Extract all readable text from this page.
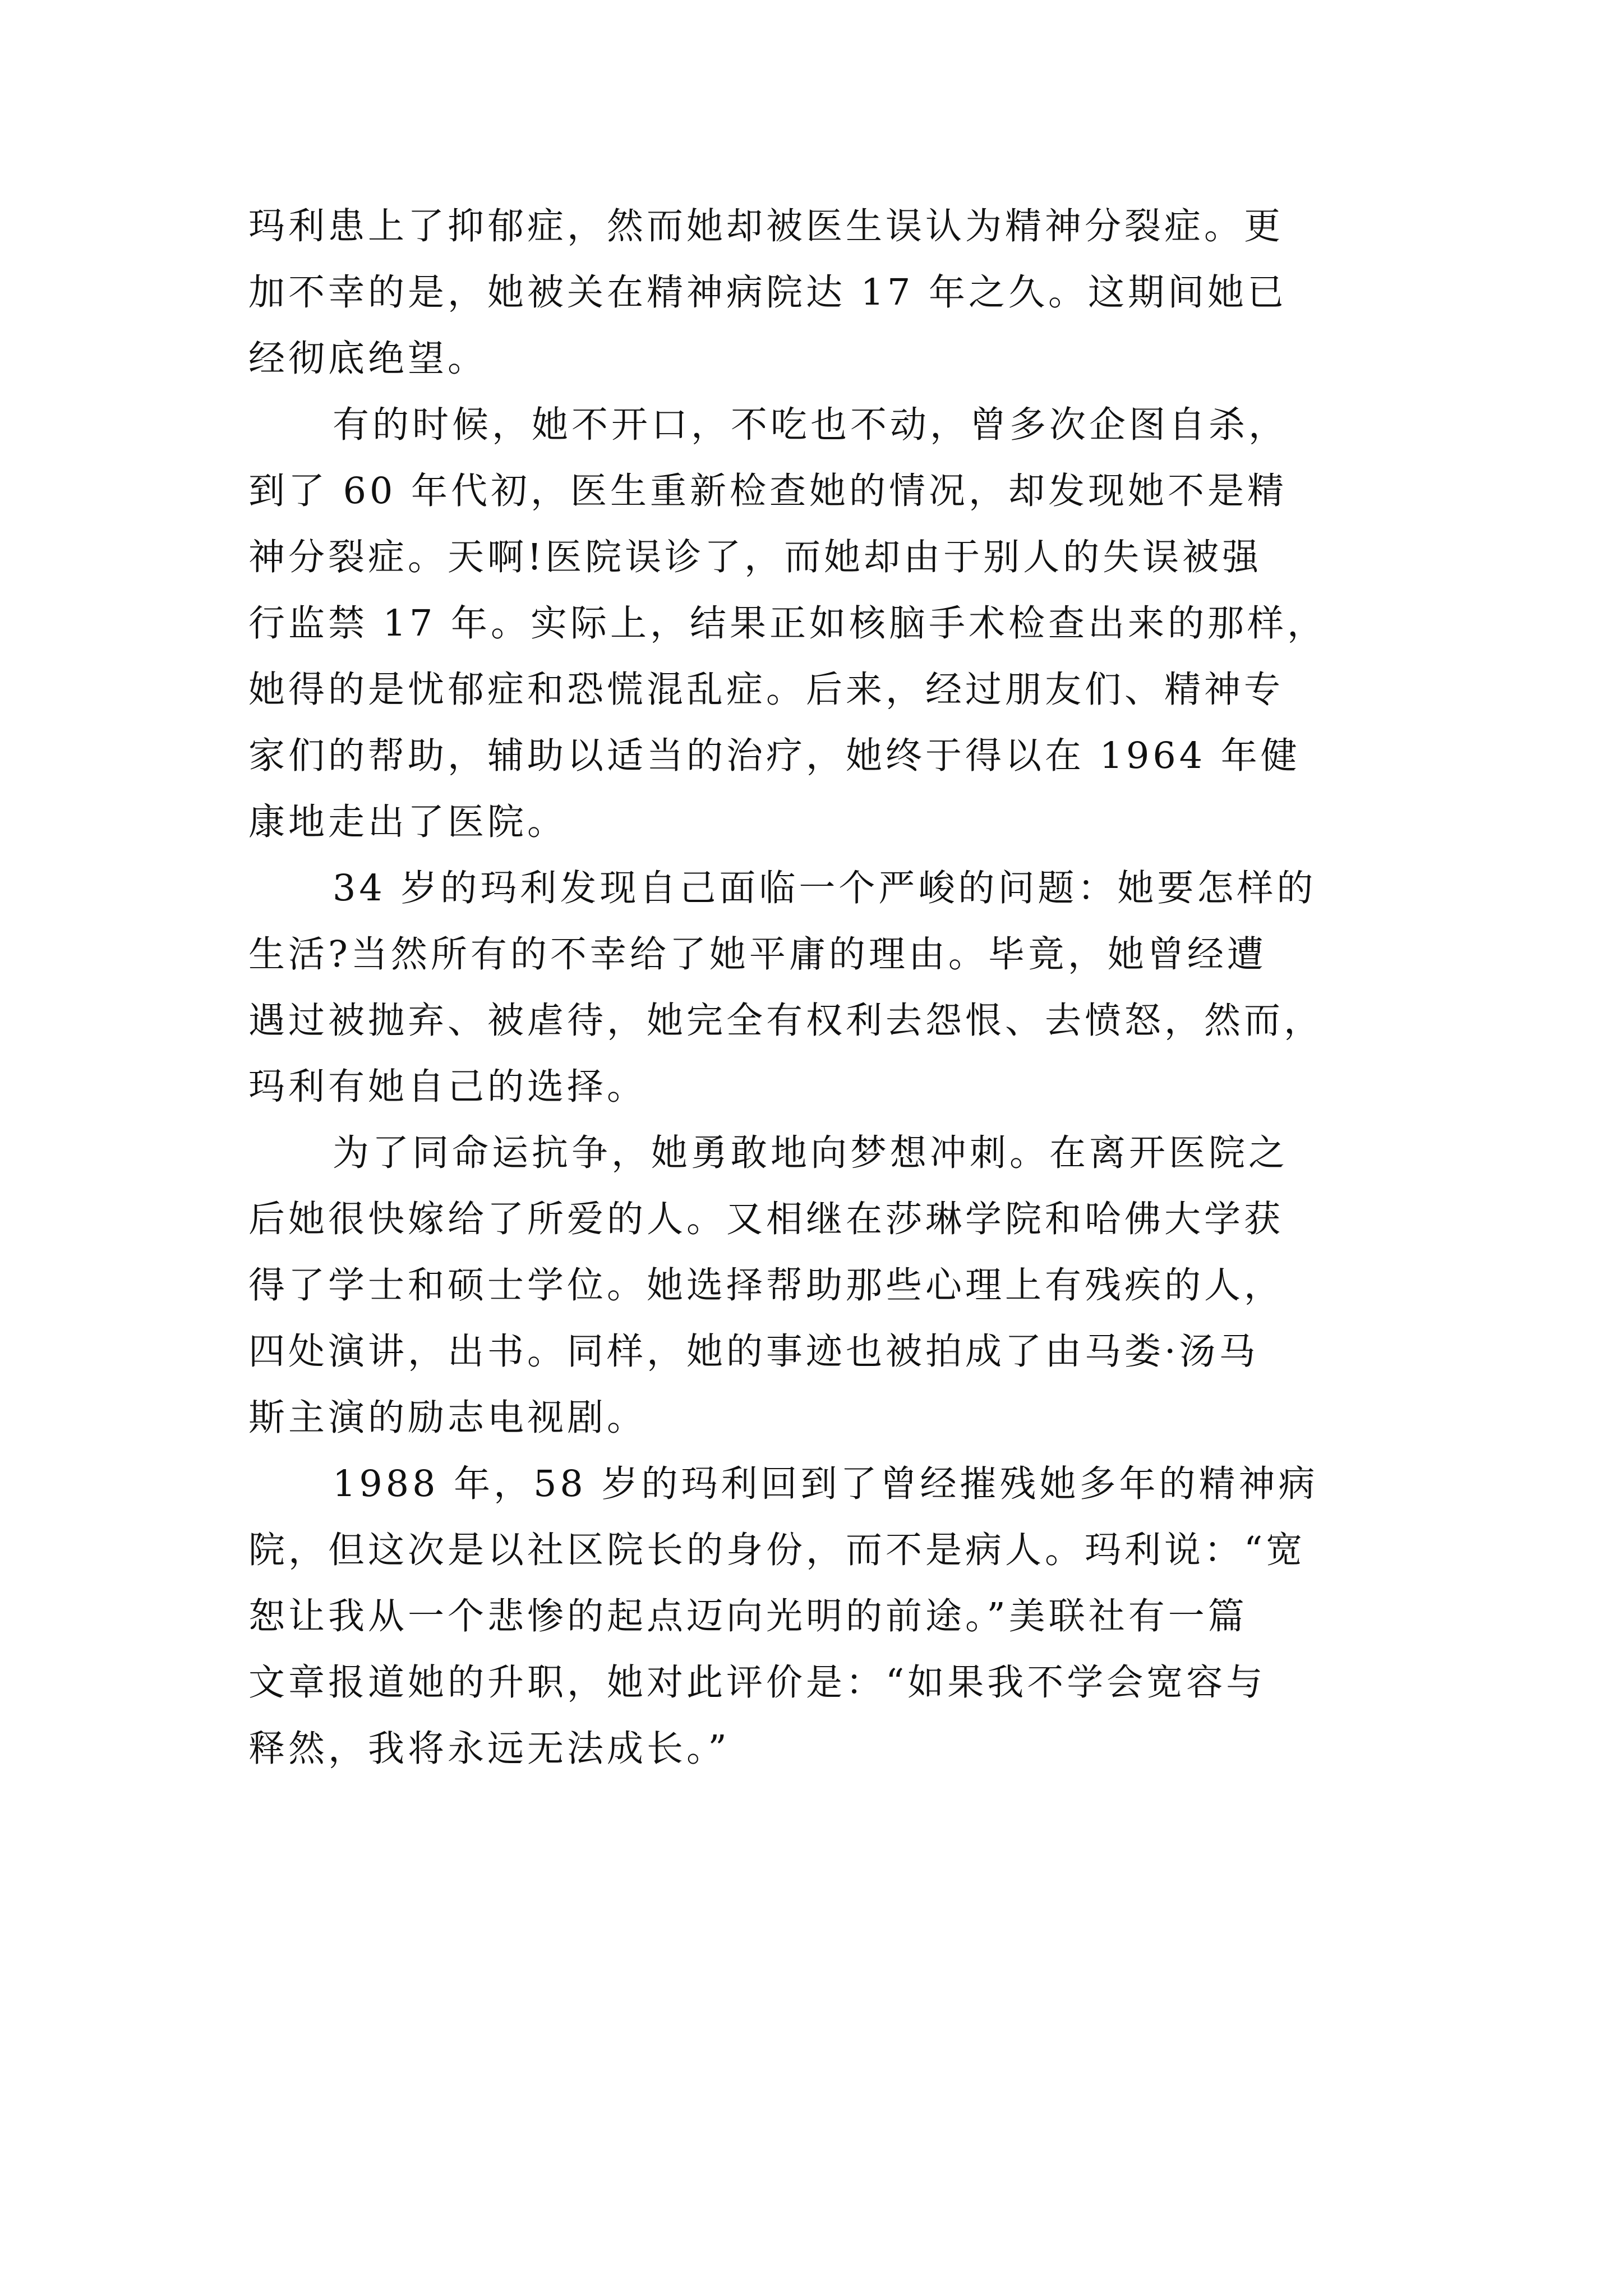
玛利患上了抑郁症，然而她却被医生误认为精神分裂症。更
加不幸的是，她被关在精神病院达 17 年之久。这期间她已
经彻底绝望。
有的时候，她不开口，不吃也不动，曾多次企图自杀，
到了 60 年代初，医生重新检查她的情况，却发现她不是精
神分裂症。天啊!医院误诊了，而她却由于别人的失误被强
行监禁 17 年。实际上，结果正如核脑手术检查出来的那样，
她得的是忧郁症和恐慌混乱症。后来，经过朋友们、精神专
家们的帮助，辅助以适当的治疗，她终于得以在 1964 年健
康地走出了医院。
34 岁的玛利发现自己面临一个严峻的问题：她要怎样的
生活?当然所有的不幸给了她平庸的理由。毕竟，她曾经遭
遇过被抛弃、被虐待，她完全有权利去怨恨、去愤怒，然而，
玛利有她自己的选择。
为了同命运抗争，她勇敢地向梦想冲刺。在离开医院之
后她很快嫁给了所爱的人。又相继在莎琳学院和哈佛大学获
得了学士和硕士学位。她选择帮助那些心理上有残疾的人，
四处演讲，出书。同样，她的事迹也被拍成了由马娄·汤马
斯主演的励志电视剧。
1988 年，58 岁的玛利回到了曾经摧残她多年的精神病
院，但这次是以社区院长的身份，而不是病人。玛利说：“宽
恕让我从一个悲惨的起点迈向光明的前途。”美联社有一篇
文章报道她的升职，她对此评价是：“如果我不学会宽容与
释然，我将永远无法成长。”
